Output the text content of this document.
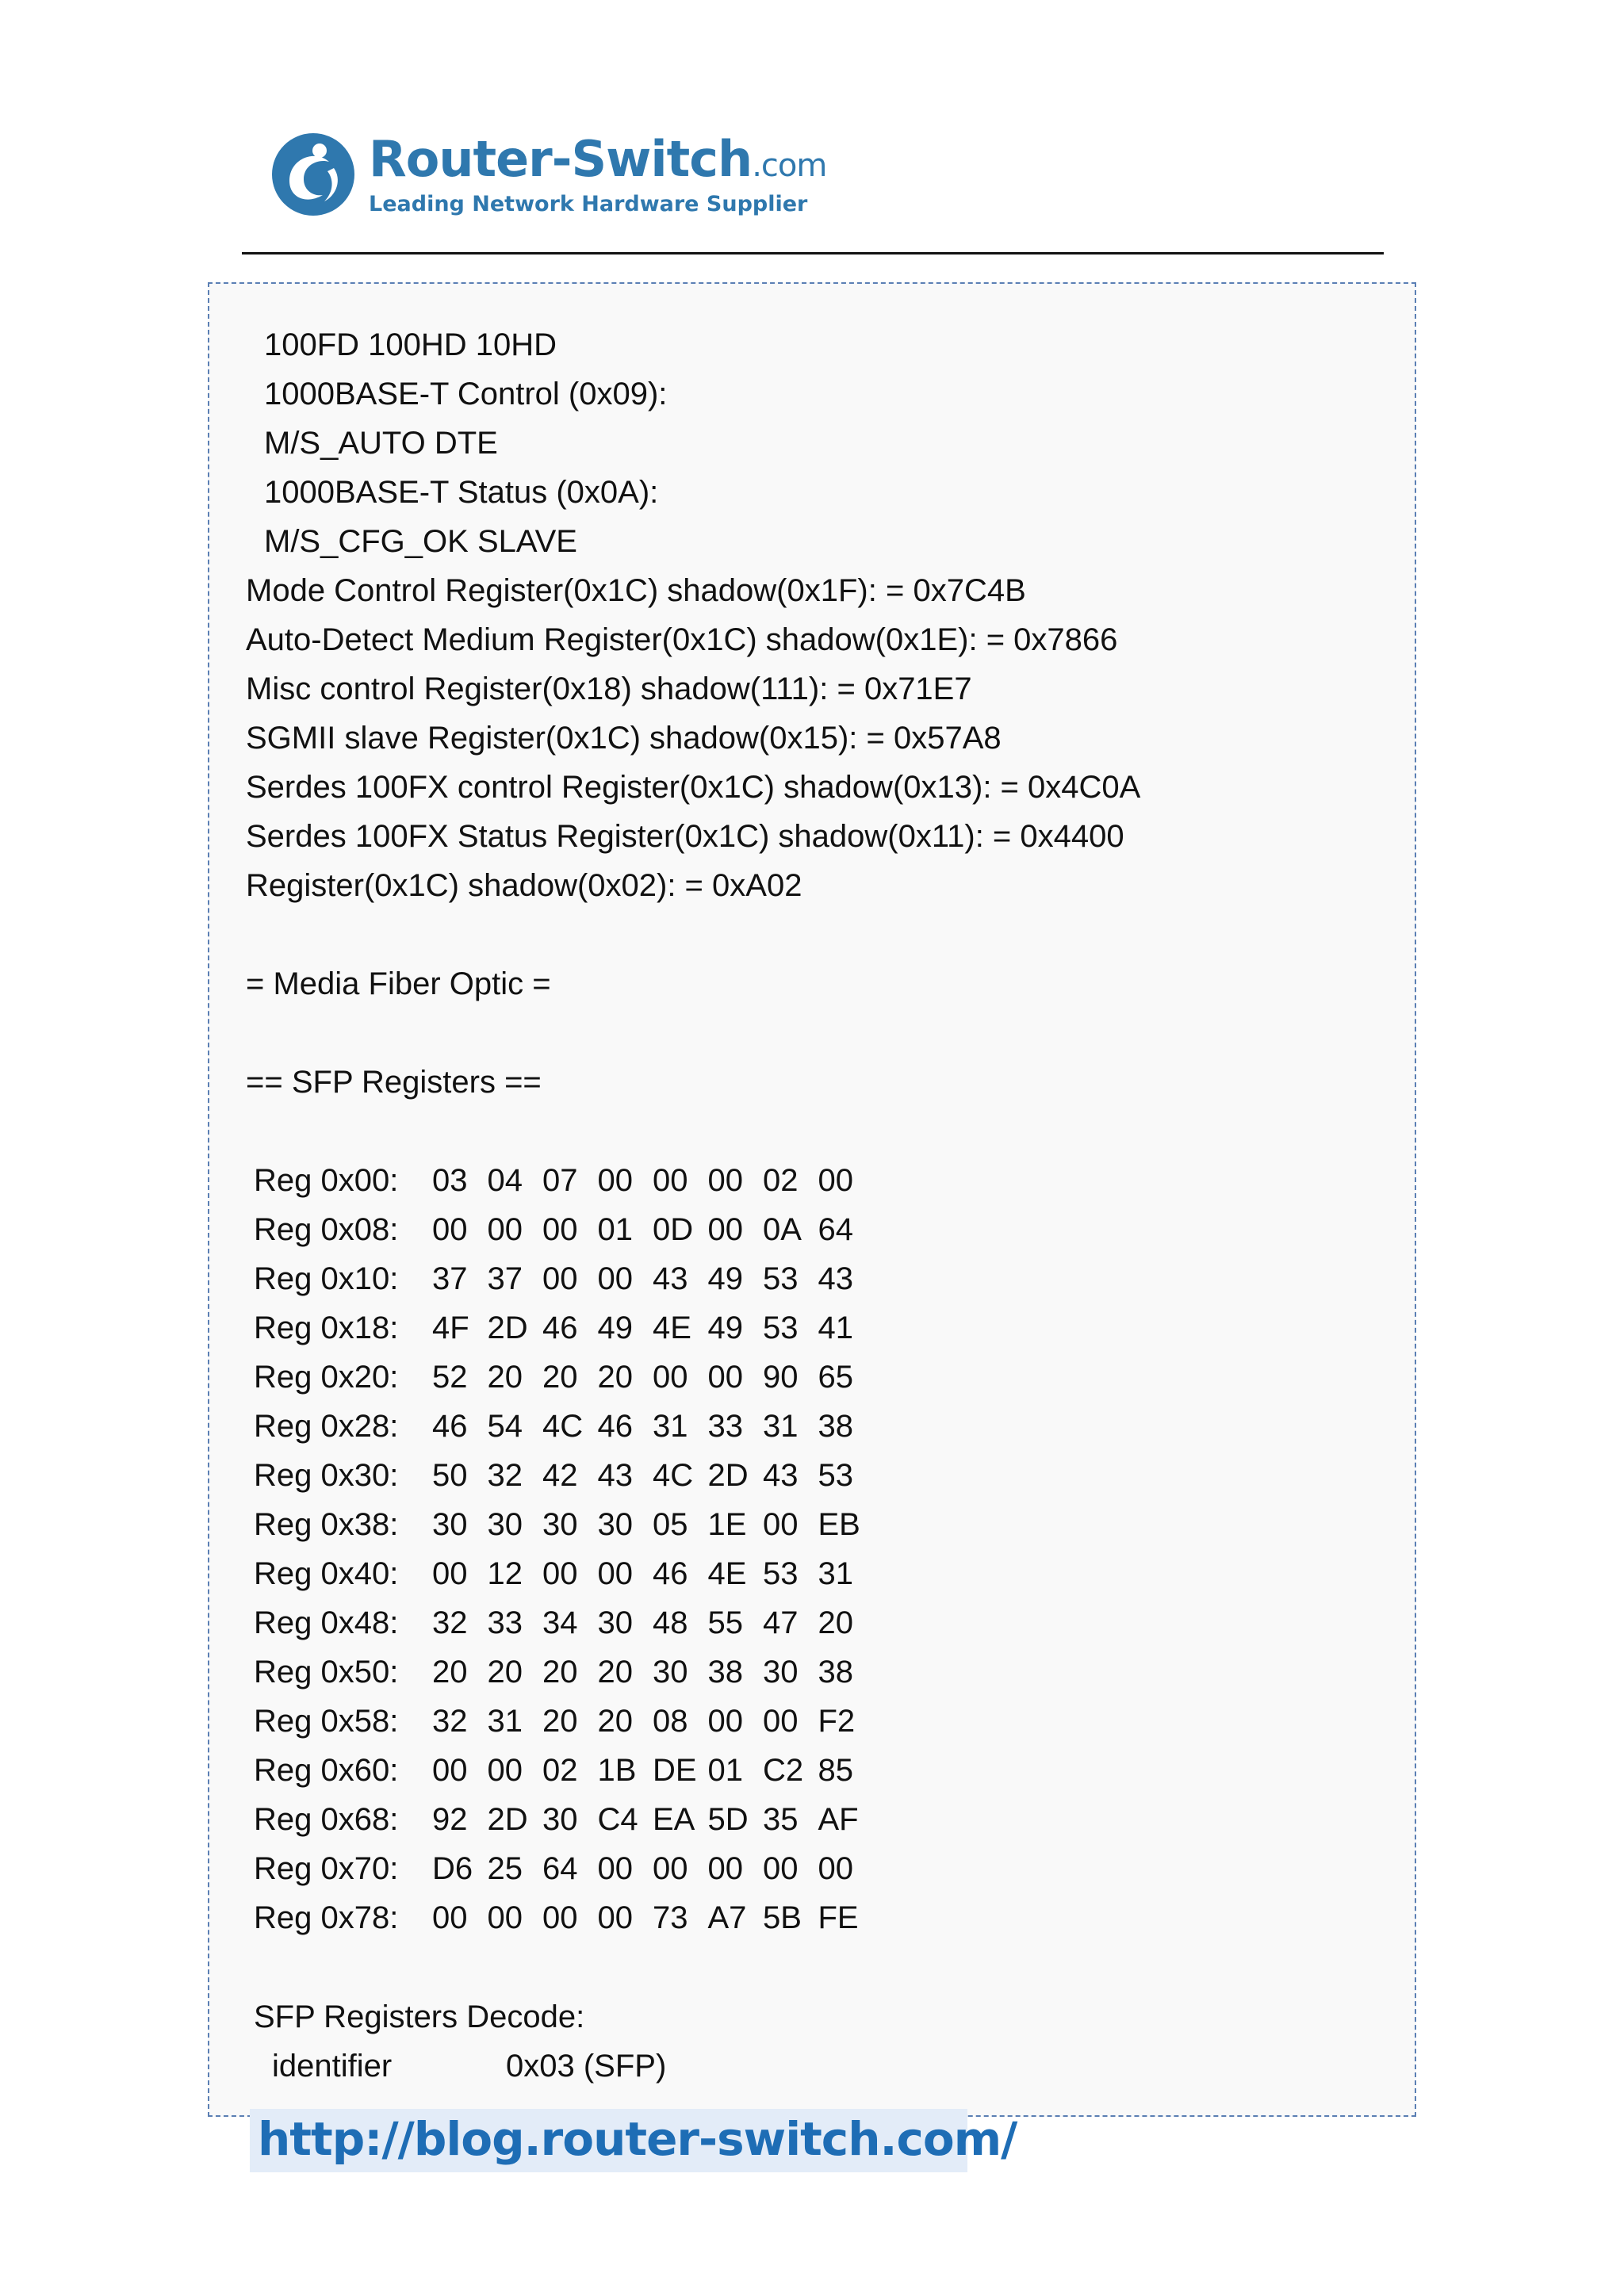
Router-Switch.com
Leading Network Hardware Supplier
100FD 100HD 10HD
1000BASE-T Control (0x09):
M/S_AUTO DTE
1000BASE-T Status (0x0A):
M/S_CFG_OK SLAVE
Mode Control Register(0x1C) shadow(0x1F): = 0x7C4B
Auto-Detect Medium Register(0x1C) shadow(0x1E): = 0x7866
Misc control Register(0x18) shadow(111): = 0x71E7
SGMII slave Register(0x1C) shadow(0x15): = 0x57A8
Serdes 100FX control Register(0x1C) shadow(0x13): = 0x4C0A
Serdes 100FX Status Register(0x1C) shadow(0x11): = 0x4400
Register(0x1C) shadow(0x02): = 0xA02
= Media Fiber Optic =
== SFP Registers ==
Reg 0x00: 03 04 07 00 00 00 02 00
Reg 0x08: 00 00 00 01 0D 00 0A 64
Reg 0x10: 37 37 00 00 43 49 53 43
Reg 0x18: 4F 2D 46 49 4E 49 53 41
Reg 0x20: 52 20 20 20 00 00 90 65
Reg 0x28: 46 54 4C 46 31 33 31 38
Reg 0x30: 50 32 42 43 4C 2D 43 53
Reg 0x38: 30 30 30 30 05 1E 00 EB
Reg 0x40: 00 12 00 00 46 4E 53 31
Reg 0x48: 32 33 34 30 48 55 47 20
Reg 0x50: 20 20 20 20 30 38 30 38
Reg 0x58: 32 31 20 20 08 00 00 F2
Reg 0x60: 00 00 02 1B DE 01 C2 85
Reg 0x68: 92 2D 30 C4 EA 5D 35 AF
Reg 0x70: D6 25 64 00 00 00 00 00
Reg 0x78: 00 00 00 00 73 A7 5B FE
SFP Registers Decode:
identifier	0x03 (SFP)
http://blog.router-switch.com/
